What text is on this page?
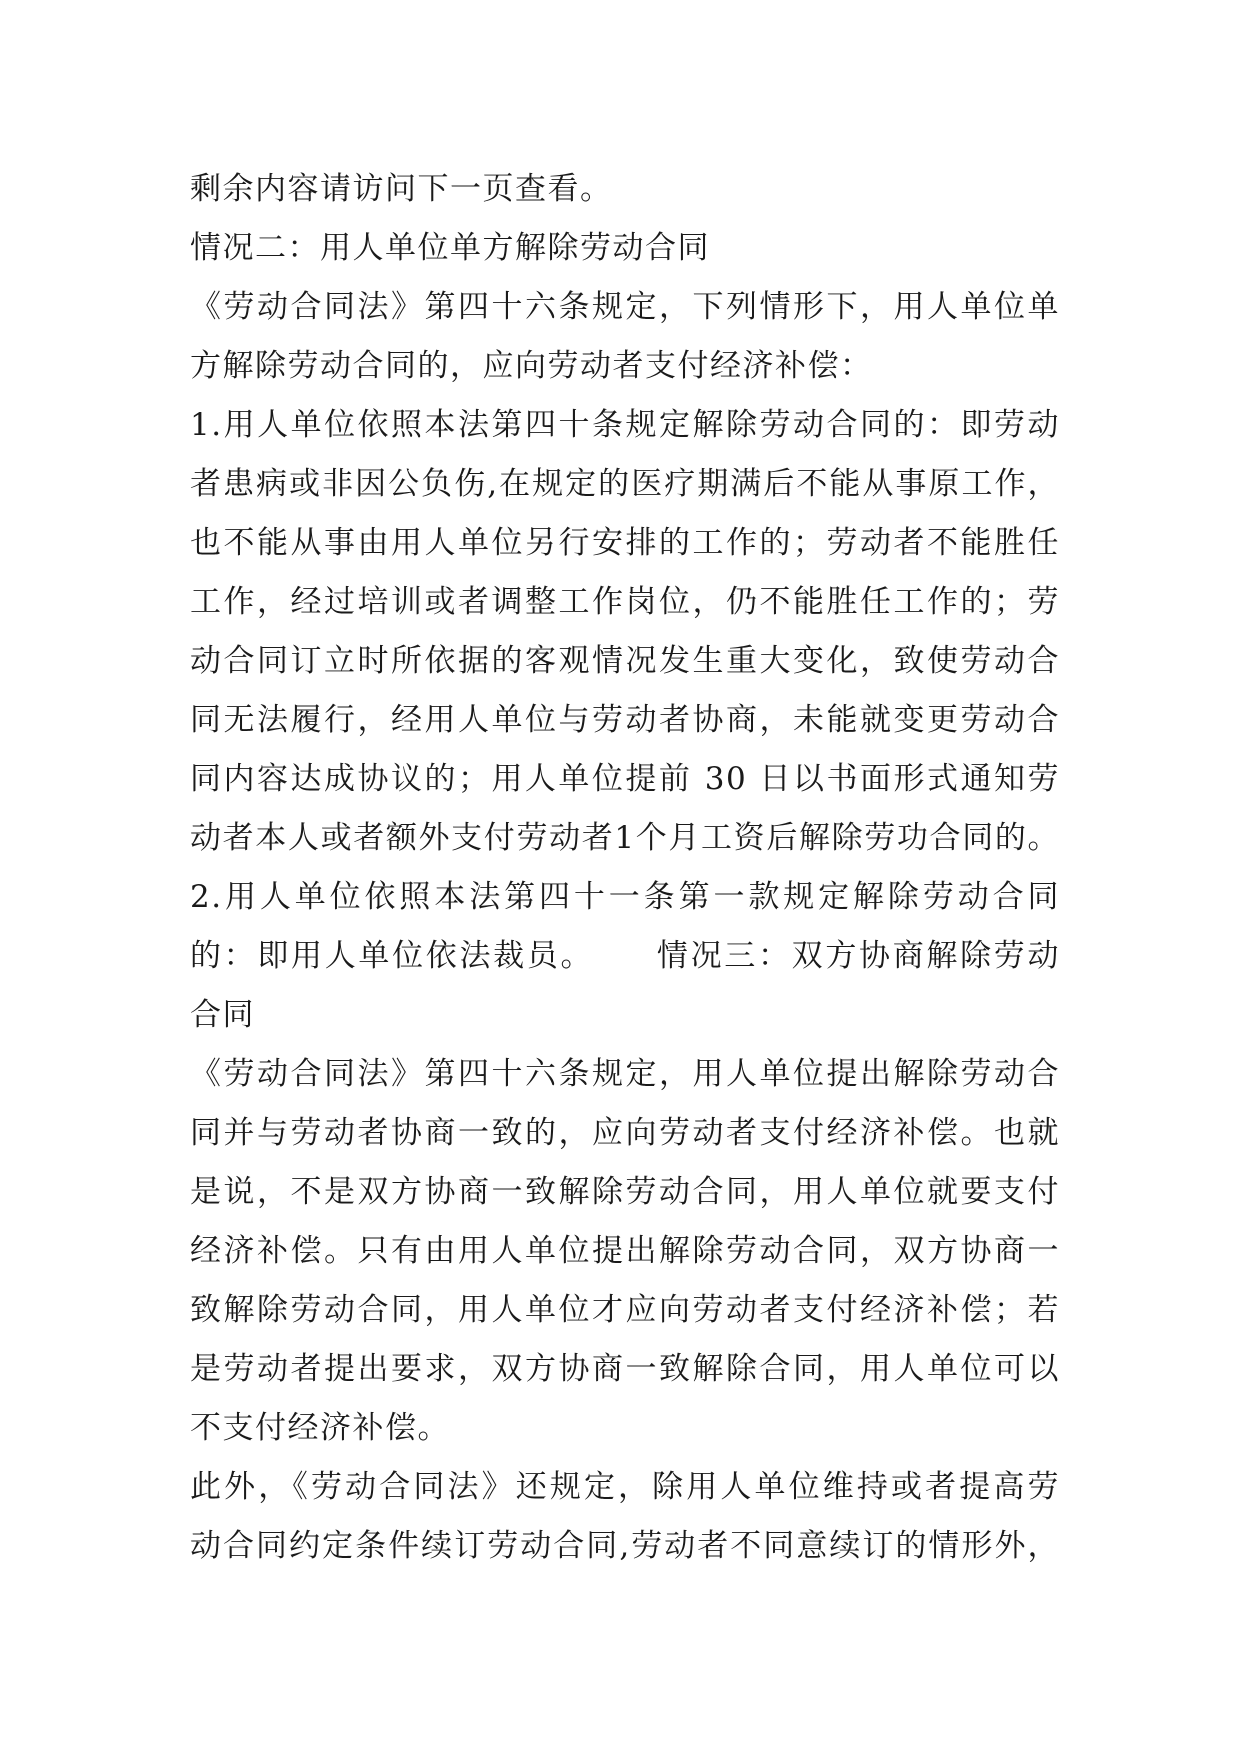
剩余内容请访问下一页查看。
情况二：用人单位单方解除劳动合同
《劳动合同法》第四十六条规定，下列情形下，用人单位单
方解除劳动合同的，应向劳动者支付经济补偿：
1.用人单位依照本法第四十条规定解除劳动合同的：即劳动
者患病或非因公负伤,在规定的医疗期满后不能从事原工作，
也不能从事由用人单位另行安排的工作的；劳动者不能胜任
工作，经过培训或者调整工作岗位，仍不能胜任工作的；劳
动合同订立时所依据的客观情况发生重大变化，致使劳动合
同无法履行，经用人单位与劳动者协商，未能就变更劳动合
同内容达成协议的；用人单位提前 30 日以书面形式通知劳
动者本人或者额外支付劳动者1个月工资后解除劳功合同的。
2.用人单位依照本法第四十一条第一款规定解除劳动合同
的：即用人单位依法裁员。     情况三：双方协商解除劳动
合同
《劳动合同法》第四十六条规定，用人单位提出解除劳动合
同并与劳动者协商一致的，应向劳动者支付经济补偿。也就
是说，不是双方协商一致解除劳动合同，用人单位就要支付
经济补偿。只有由用人单位提出解除劳动合同，双方协商一
致解除劳动合同，用人单位才应向劳动者支付经济补偿；若
是劳动者提出要求，双方协商一致解除合同，用人单位可以
不支付经济补偿。
此外，《劳动合同法》还规定，除用人单位维持或者提高劳
动合同约定条件续订劳动合同,劳动者不同意续订的情形外，
